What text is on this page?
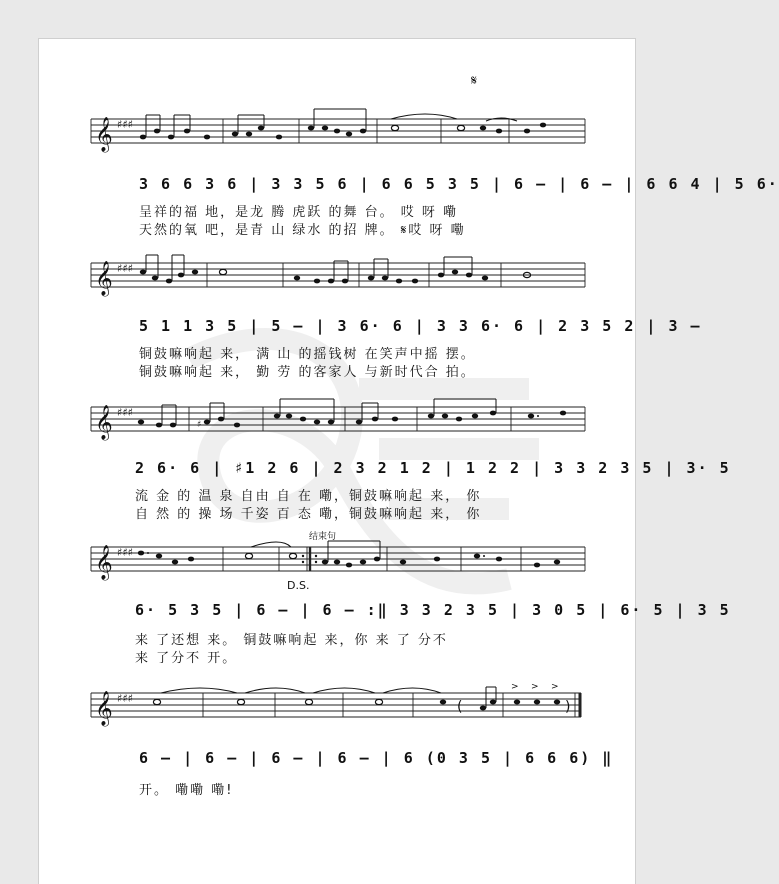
𝄞 ♯♯♯
𝄋
3 6 6 3 6 | 3 3 5 6 | 6 6 5 3 5 | 6 — | 6 — | 6 6 4 | 5 6·
呈祥的福 地，是龙 腾 虎跃 的舞 台。 哎 呀 嘞
天然的氧 吧，是青 山 绿水 的招 牌。 𝄋哎 呀 嘞
𝄞 ♯♯♯
5 1 1 3 5 | 5 — | 3 6· 6 | 3 3 6· 6 | 2 3 5 2 | 3 —
铜鼓嘛响起 来， 满 山 的摇钱树 在笑声中摇 摆。
铜鼓嘛响起 来， 勤 劳 的客家人 与新时代合 拍。
𝄞 ♯♯♯
♯
2 6· 6 | ♯1 2 6 | 2 3 2 1 2 | 1 2 2 | 3 3 2 3 5 | 3· 5
流 金 的 温 泉 自由 自 在 嘞，铜鼓嘛响起 来， 你
自 然 的 操 场 千姿 百 态 嘞，铜鼓嘛响起 来， 你
结束句
𝄞 ♯♯♯
D.S.
6· 5 3 5 | 6 — | 6 — :‖ 3 3 2 3 5 | 3 0 5 | 6· 5 | 3 5
来 了还想 来。 铜鼓嘛响起 来，你 来 了 分不
来 了分不 开。
𝄞 ♯♯♯
(	)
> > >
6 — | 6 — | 6 — | 6 — | 6 (0 3 5 | 6 6 6) ‖
开。 嘞嘞 嘞!
